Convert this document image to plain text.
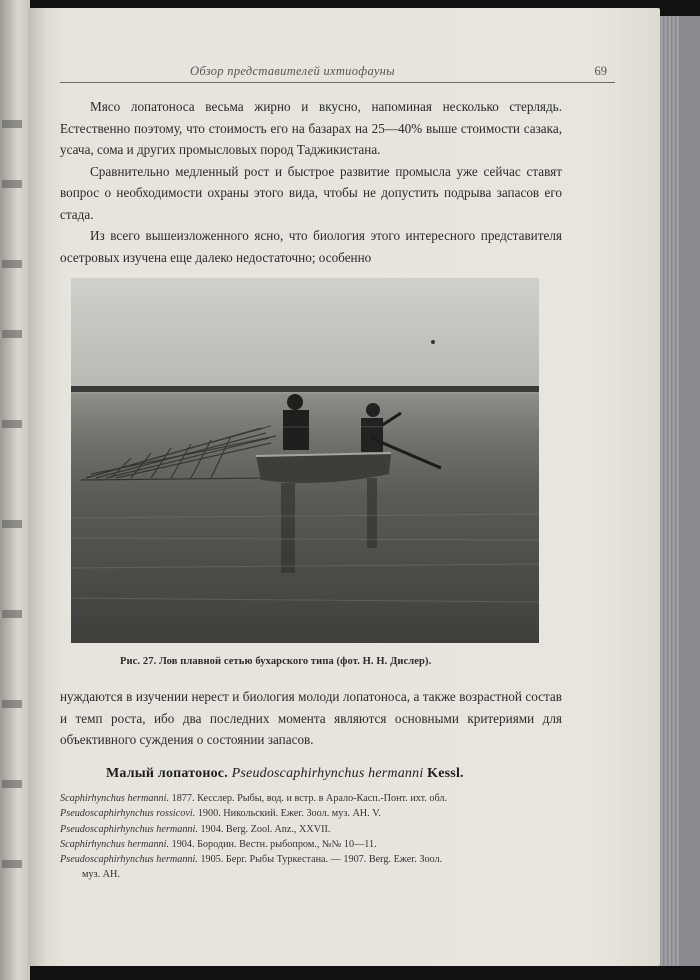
Обзор представителей ихтиофауны	69

Мясо лопатоноса весьма жирно и вкусно, напоминая несколько стерлядь. Естественно поэтому, что стоимость его на базарах на 25—40% выше стоимости сазака, усача, сома и других промысловых пород Таджикистана.

Сравнительно медленный рост и быстрое развитие промысла уже сейчас ставят вопрос о необходимости охраны этого вида, чтобы не допустить подрыва запасов его стада.

Из всего вышеизложенного ясно, что биология этого интересного представителя осетровых изучена еще далеко недостаточно; особенно

Рис. 27. Лов плавной сетью бухарского типа (фот. Н. Н. Дислер).

нуждаются в изучении нерест и биология молоди лопатоноса, а также возрастной состав и темп роста, ибо два последних момента являются основными критериями для объективного суждения о состоянии запасов.

Малый лопатонос. Pseudoscaphirhynchus hermanni Kessl.
Scaphirhynchus hermanni. 1877. Кесслер. Рыбы, вод. и встр. в Арало-Касп.-Понт. ихт. обл.
Pseudoscaphirhynchus rossicovi. 1900. Никольский. Ежег. Зоол. муз. АН. V.
Pseudoscaphirhynchus hermanni. 1904. Berg. Zool. Anz., XXVII.
Scaphirhynchus hermanni. 1904. Бородин. Вестн. рыбопром., №№ 10—11.
Pseudoscaphirhynchus hermanni. 1905. Берг. Рыбы Туркестана. — 1907. Berg. Ежег. Зоол.
муз. АН.
